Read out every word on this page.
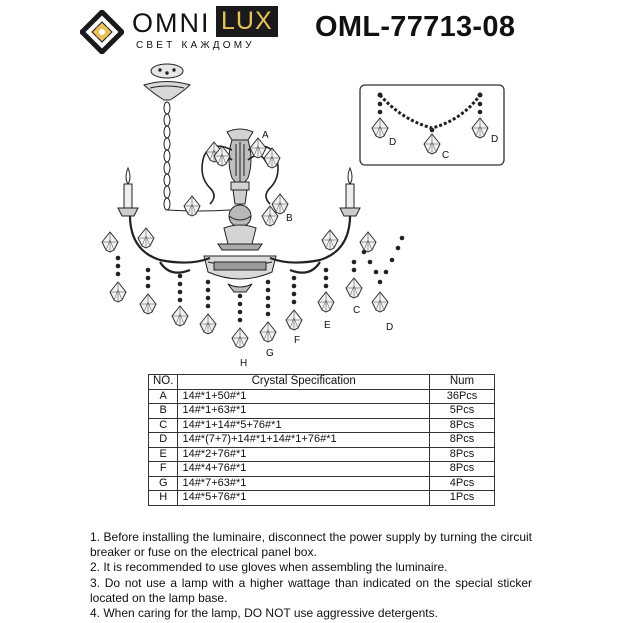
OMNI LUX
СВЕТ КАЖДОМУ
OML-77713-08
A
B
C
D
E
F
G
H
D
C
D
NO.	Crystal Specification	Num
A	14#*1+50#*1	36Pcs
B	14#*1+63#*1	5Pcs
C	14#*1+14#*5+76#*1	8Pcs
D	14#*(7+7)+14#*1+14#*1+76#*1	8Pcs
E	14#*2+76#*1	8Pcs
F	14#*4+76#*1	8Pcs
G	14#*7+63#*1	4Pcs
H	14#*5+76#*1	1Pcs

1. Before installing the luminaire, disconnect the power supply by turning the circuit breaker or fuse on the electrical panel box.

2. It is recommended to use gloves when assembling the luminaire.

3. Do not use a lamp with a higher wattage than indicated on the special sticker located on the lamp base.

4. When caring for the lamp, DO NOT use aggressive detergents.
